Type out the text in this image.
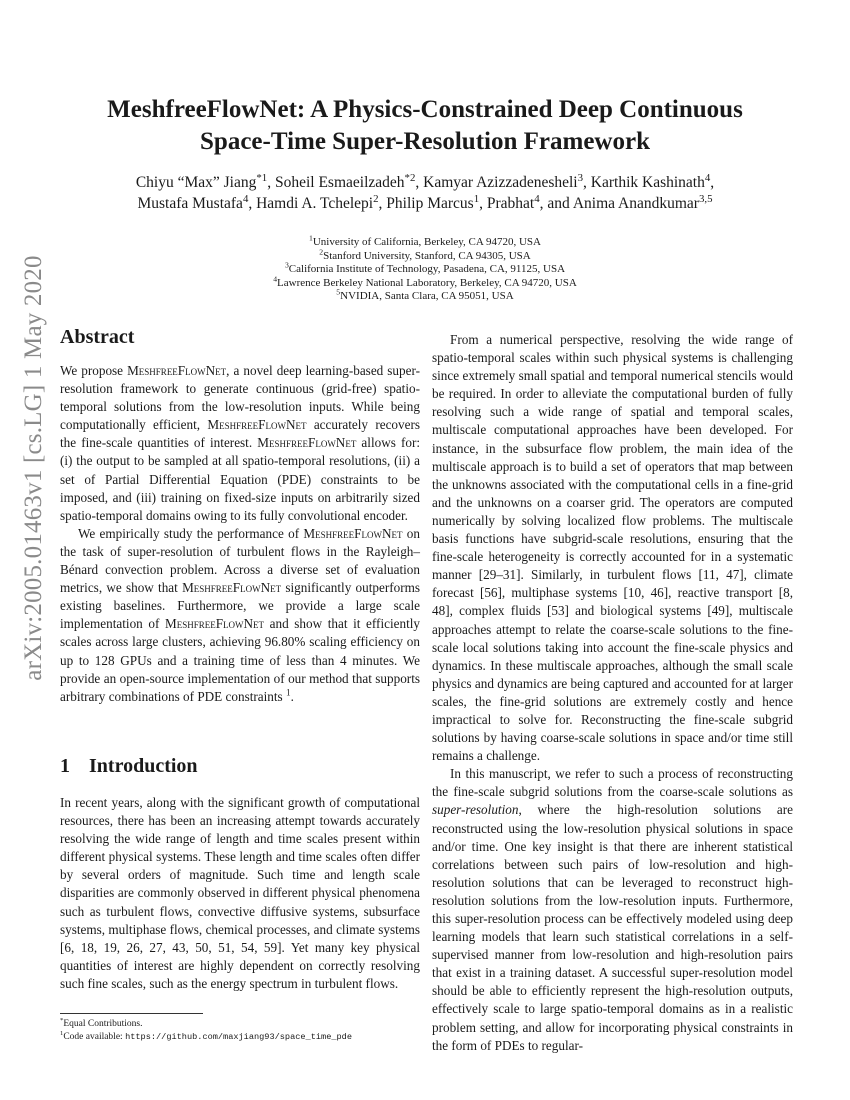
arXiv:2005.01463v1 [cs.LG] 1 May 2020
MeshfreeFlowNet: A Physics-Constrained Deep Continuous
Space-Time Super-Resolution Framework
Chiyu “Max” Jiang$^{*1}$, Soheil Esmaeilzadeh$^{*2}$, Kamyar Azizzadenesheli$^3$, Karthik Kashinath$^4$,
Mustafa Mustafa$^4$, Hamdi A. Tchelepi$^2$, Philip Marcus$^1$, Prabhat$^4$, and Anima Anandkumar$^{3,5}$
$^1$University of California, Berkeley, CA 94720, USA
$^2$Stanford University, Stanford, CA 94305, USA
$^3$California Institute of Technology, Pasadena, CA, 91125, USA
$^4$Lawrence Berkeley National Laboratory, Berkeley, CA 94720, USA
$^5$NVIDIA, Santa Clara, CA 95051, USA
Abstract

We propose MeshfreeFlowNet, a novel deep learning-based super-resolution framework to generate continuous (grid-free) spatio-temporal solutions from the low-resolution inputs. While being computationally efficient, MeshfreeFlowNet accurately recovers the fine-scale quantities of interest. MeshfreeFlowNet allows for: (i) the output to be sampled at all spatio-temporal resolutions, (ii) a set of Partial Differential Equation (PDE) constraints to be imposed, and (iii) training on fixed-size inputs on arbitrarily sized spatio-temporal domains owing to its fully convolutional encoder.

We empirically study the performance of MeshfreeFlowNet on the task of super-resolution of turbulent flows in the Rayleigh–Bénard convection problem. Across a diverse set of evaluation metrics, we show that MeshfreeFlowNet significantly outperforms existing baselines. Furthermore, we provide a large scale implementation of MeshfreeFlowNet and show that it efficiently scales across large clusters, achieving 96.80% scaling efficiency on up to 128 GPUs and a training time of less than 4 minutes. We provide an open-source implementation of our method that supports arbitrary combinations of PDE constraints $^1$.

1 Introduction

In recent years, along with the significant growth of computational resources, there has been an increasing attempt towards accurately resolving the wide range of length and time scales present within different physical systems. These length and time scales often differ by several orders of magnitude. Such time and length scale disparities are commonly observed in different physical phenomena such as turbulent flows, convective diffusive systems, subsurface systems, multiphase flows, chemical processes, and climate systems [6, 18, 19, 26, 27, 43, 50, 51, 54, 59]. Yet many key physical quantities of interest are highly dependent on correctly resolving such fine scales, such as the energy spectrum in turbulent flows.

From a numerical perspective, resolving the wide range of spatio-temporal scales within such physical systems is challenging since extremely small spatial and temporal numerical stencils would be required. In order to alleviate the computational burden of fully resolving such a wide range of spatial and temporal scales, multiscale computational approaches have been developed. For instance, in the subsurface flow problem, the main idea of the multiscale approach is to build a set of operators that map between the unknowns associated with the computational cells in a fine-grid and the unknowns on a coarser grid. The operators are computed numerically by solving localized flow problems. The multiscale basis functions have subgrid-scale resolutions, ensuring that the fine-scale heterogeneity is correctly accounted for in a systematic manner [29–31]. Similarly, in turbulent flows [11, 47], climate forecast [56], multiphase systems [10, 46], reactive transport [8, 48], complex fluids [53] and biological systems [49], multiscale approaches attempt to relate the coarse-scale solutions to the fine-scale local solutions taking into account the fine-scale physics and dynamics. In these multiscale approaches, although the small scale physics and dynamics are being captured and accounted for at larger scales, the fine-grid solutions are extremely costly and hence impractical to solve for. Reconstructing the fine-scale subgrid solutions by having coarse-scale solutions in space and/or time still remains a challenge.

In this manuscript, we refer to such a process of reconstructing the fine-scale subgrid solutions from the coarse-scale solutions as super-resolution, where the high-resolution solutions are reconstructed using the low-resolution physical solutions in space and/or time. One key insight is that there are inherent statistical correlations between such pairs of low-resolution and high-resolution solutions that can be leveraged to reconstruct high-resolution solutions from the low-resolution inputs. Furthermore, this super-resolution process can be effectively modeled using deep learning models that learn such statistical correlations in a self-supervised manner from low-resolution and high-resolution pairs that exist in a training dataset. A successful super-resolution model should be able to efficiently represent the high-resolution outputs, effectively scale to large spatio-temporal domains as in a realistic problem setting, and allow for incorporating physical constraints in the form of PDEs to regular-

*Equal Contributions.
$^1$Code available: https://github.com/maxjiang93/space_time_pde
